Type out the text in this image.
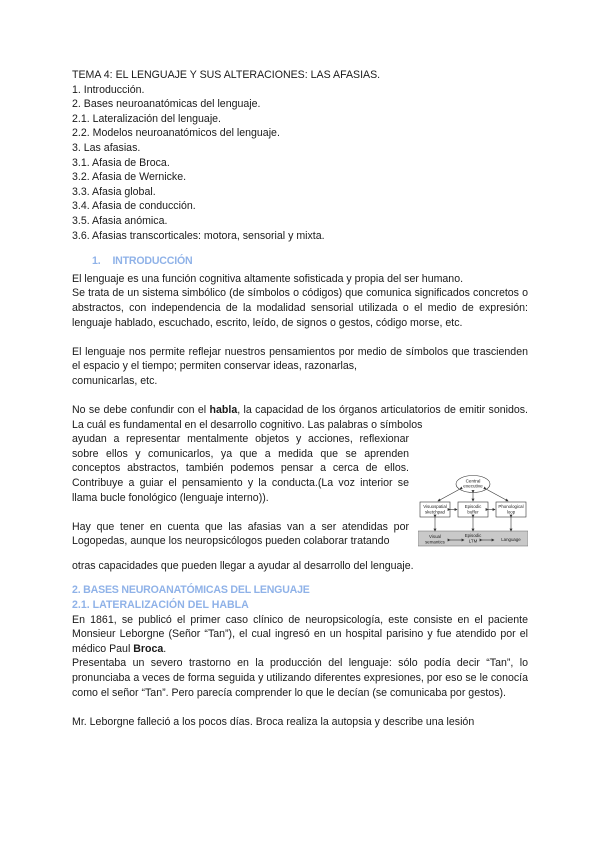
TEMA 4: EL LENGUAJE Y SUS ALTERACIONES: LAS AFASIAS.
1. Introducción.
2. Bases neuroanatómicas del lenguaje.
2.1. Lateralización del lenguaje.
2.2. Modelos neuroanatómicos del lenguaje.
3. Las afasias.
3.1. Afasia de Broca.
3.2. Afasia de Wernicke.
3.3. Afasia global.
3.4. Afasia de conducción.
3.5. Afasia anómica.
3.6. Afasias transcorticales: motora, sensorial y mixta.
1. INTRODUCCIÓN

El lenguaje es una función cognitiva altamente sofisticada y propia del ser humano.

Se trata de un sistema simbólico (de símbolos o códigos) que comunica significados concretos o abstractos, con independencia de la modalidad sensorial utilizada o el medio de expresión: lenguaje hablado, escuchado, escrito, leído, de signos o gestos, código morse, etc.

El lenguaje nos permite reflejar nuestros pensamientos por medio de símbolos que trascienden el espacio y el tiempo; permiten conservar ideas, razonarlas,

comunicarlas, etc.

No se debe confundir con el habla, la capacidad de los órganos articulatorios de emitir sonidos. La cuál es fundamental en el desarrollo cognitivo. Las palabras o símbolos

ayudan a representar mentalmente objetos y acciones, reflexionar sobre ellos y comunicarlos, ya que a medida que se aprenden conceptos abstractos, también podemos pensar a cerca de ellos. Contribuye a guiar el pensamiento y la conducta.(La voz interior se llama bucle fonológico (lenguaje interno)).

Hay que tener en cuenta que las afasias van a ser atendidas por Logopedas, aunque los neuropsicólogos pueden colaborar tratando

Central
executive
Visuospatial
sketchpad
Episodic
buffer
Phonological
loop
Visual
semantics
Episodic
LTM	Language

otras capacidades que pueden llegar a ayudar al desarrollo del lenguaje.

2. BASES NEUROANATÓMICAS DEL LENGUAJE
2.1. LATERALIZACIÓN DEL HABLA

En 1861, se publicó el primer caso clínico de neuropsicología, este consiste en el paciente Monsieur Leborgne (Señor “Tan”), el cual ingresó en un hospital parisino y fue atendido por el médico Paul Broca.

Presentaba un severo trastorno en la producción del lenguaje: sólo podía decir “Tan”, lo pronunciaba a veces de forma seguida y utilizando diferentes expresiones, por eso se le conocía como el señor “Tan”. Pero parecía comprender lo que le decían (se comunicaba por gestos).

Mr. Leborgne falleció a los pocos días. Broca realiza la autopsia y describe una lesión
